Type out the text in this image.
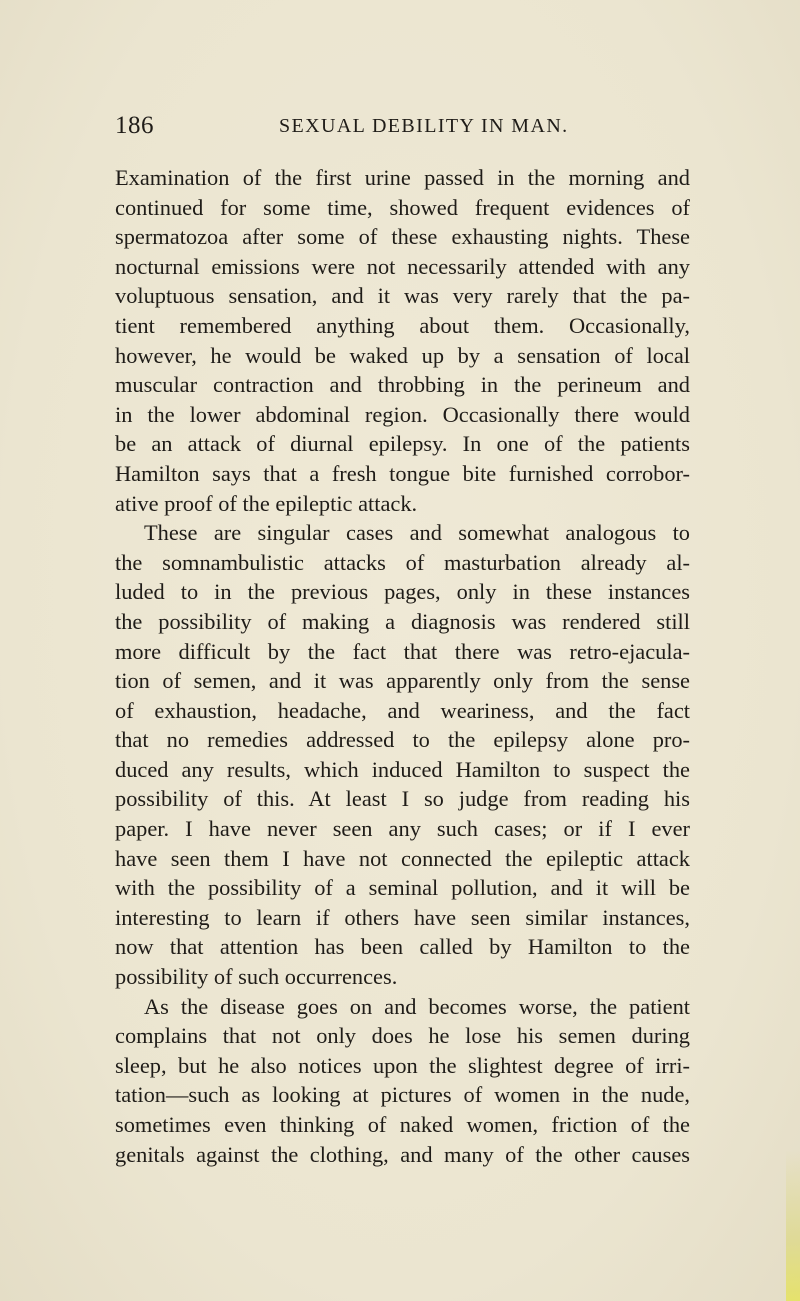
186	SEXUAL DEBILITY IN MAN.
Examination of the first urine passed in the morning and
continued for some time, showed frequent evidences of
spermatozoa after some of these exhausting nights. These
nocturnal emissions were not necessarily attended with any
voluptuous sensation, and it was very rarely that the pa-
tient remembered anything about them. Occasionally,
however, he would be waked up by a sensation of local
muscular contraction and throbbing in the perineum and
in the lower abdominal region. Occasionally there would
be an attack of diurnal epilepsy. In one of the patients
Hamilton says that a fresh tongue bite furnished corrobor-
ative proof of the epileptic attack.
These are singular cases and somewhat analogous to
the somnambulistic attacks of masturbation already al-
luded to in the previous pages, only in these instances
the possibility of making a diagnosis was rendered still
more difficult by the fact that there was retro-ejacula-
tion of semen, and it was apparently only from the sense
of exhaustion, headache, and weariness, and the fact
that no remedies addressed to the epilepsy alone pro-
duced any results, which induced Hamilton to suspect the
possibility of this. At least I so judge from reading his
paper. I have never seen any such cases; or if I ever
have seen them I have not connected the epileptic attack
with the possibility of a seminal pollution, and it will be
interesting to learn if others have seen similar instances,
now that attention has been called by Hamilton to the
possibility of such occurrences.
As the disease goes on and becomes worse, the patient
complains that not only does he lose his semen during
sleep, but he also notices upon the slightest degree of irri-
tation—such as looking at pictures of women in the nude,
sometimes even thinking of naked women, friction of the
genitals against the clothing, and many of the other causes
